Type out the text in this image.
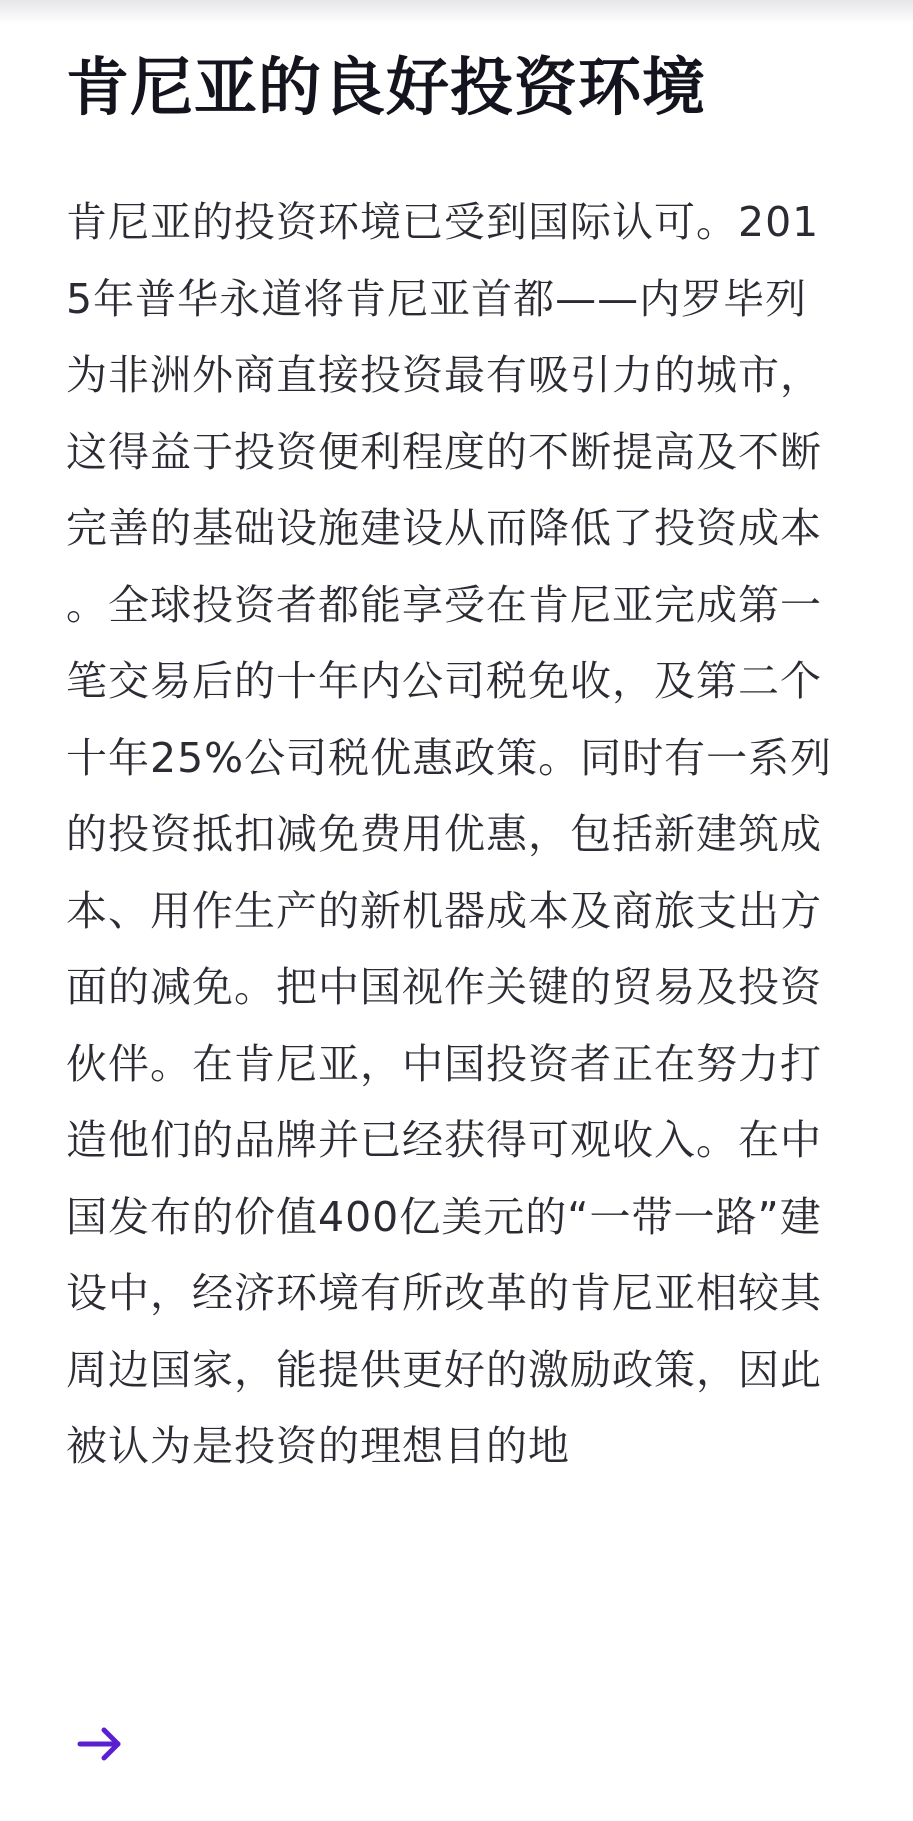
肯尼亚的良好投资环境

肯尼亚的投资环境已受到国际认可。2015年普华永道将肯尼亚首都——内罗毕列为非洲外商直接投资最有吸引力的城市，这得益于投资便利程度的不断提高及不断完善的基础设施建设从而降低了投资成本。全球投资者都能享受在肯尼亚完成第一笔交易后的十年内公司税免收，及第二个十年25%公司税优惠政策。同时有一系列的投资抵扣减免费用优惠，包括新建筑成本、用作生产的新机器成本及商旅支出方面的减免。把中国视作关键的贸易及投资伙伴。在肯尼亚，中国投资者正在努力打造他们的品牌并已经获得可观收入。在中国发布的价值400亿美元的“一带一路”建设中，经济环境有所改革的肯尼亚相较其周边国家，能提供更好的激励政策，因此被认为是投资的理想目的地
